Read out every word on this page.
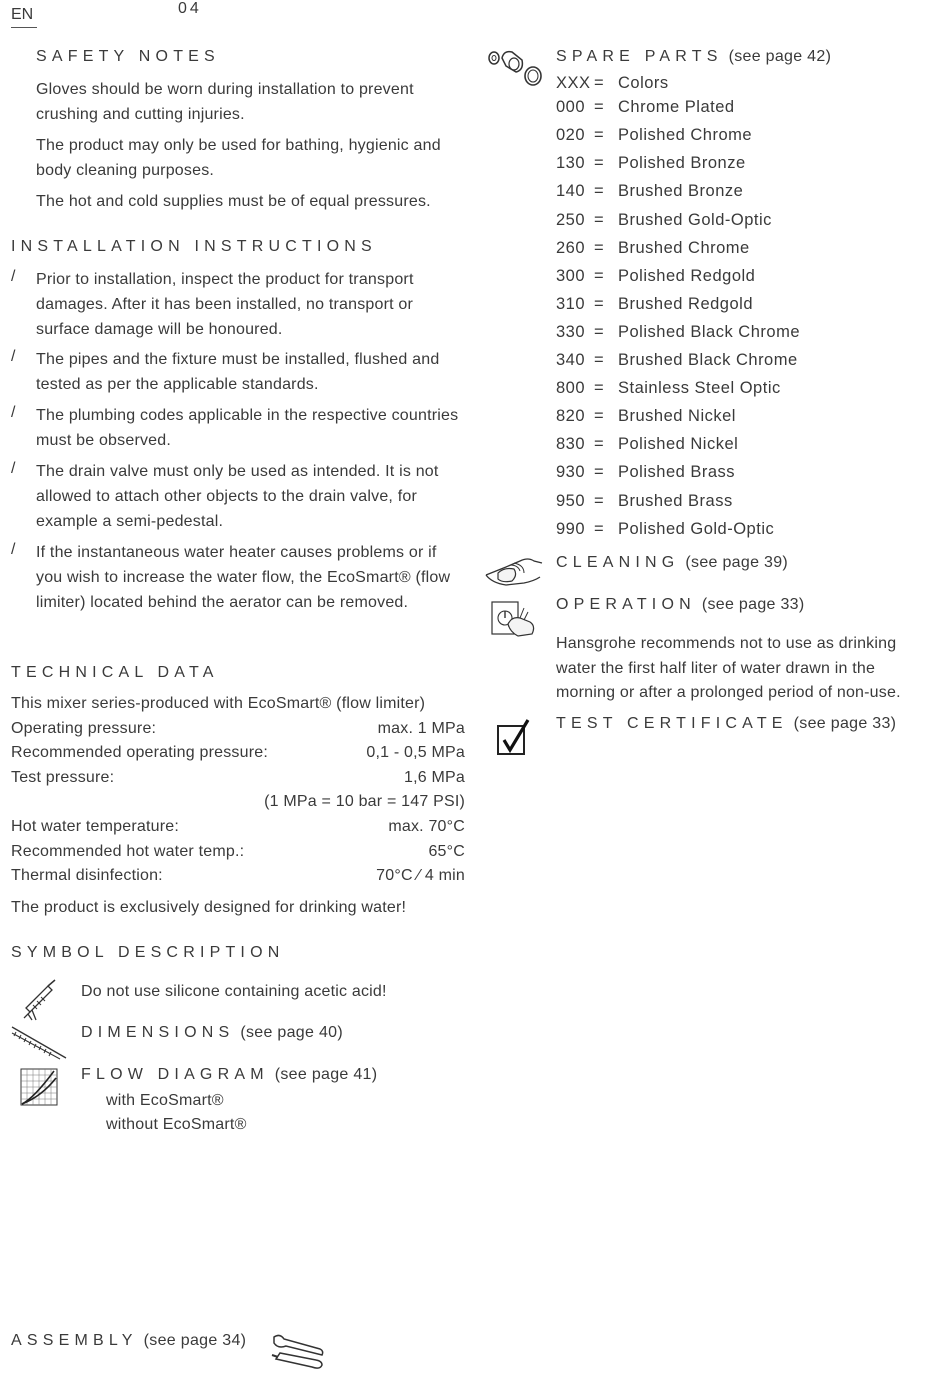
EN	04
SAFETY NOTES
Gloves should be worn during installation to prevent crushing and cutting injuries.
The product may only be used for bathing, hygienic and body cleaning purposes.
The hot and cold supplies must be of equal pressures.
INSTALLATION INSTRUCTIONS
/ Prior to installation, inspect the product for transport damages. After it has been installed, no transport or surface damage will be honoured.
/ The pipes and the fixture must be installed, flushed and tested as per the applicable standards.
/ The plumbing codes applicable in the respective countries must be observed.
/ The drain valve must only be used as intended. It is not allowed to attach other objects to the drain valve, for example a semi-pedestal.
/ If the instantaneous water heater causes problems or if you wish to increase the water flow, the EcoSmart® (flow limiter) located behind the aerator can be removed.
TECHNICAL DATA
This mixer series-produced with EcoSmart® (flow limiter)
Operating pressure:	max. 1 MPa
Recommended operating pressure:	0,1 - 0,5 MPa
Test pressure:	1,6 MPa
(1 MPa = 10 bar = 147 PSI)
Hot water temperature:	max. 70°C
Recommended hot water temp.:	65°C
Thermal disinfection:	70°C ⁄ 4 min
The product is exclusively designed for drinking water!
SYMBOL DESCRIPTION
Do not use silicone containing acetic acid!
DIMENSIONS (see page 40)
FLOW DIAGRAM (see page 41)
with EcoSmart®
without EcoSmart®
ASSEMBLY (see page 34)
SPARE PARTS (see page 42)
XXX = Colors
000 = Chrome Plated
020 = Polished Chrome
130 = Polished Bronze
140 = Brushed Bronze
250 = Brushed Gold-Optic
260 = Brushed Chrome
300 = Polished Redgold
310 = Brushed Redgold
330 = Polished Black Chrome
340 = Brushed Black Chrome
800 = Stainless Steel Optic
820 = Brushed Nickel
830 = Polished Nickel
930 = Polished Brass
950 = Brushed Brass
990 = Polished Gold-Optic
CLEANING (see page 39)
OPERATION (see page 33)
Hansgrohe recommends not to use as drinking water the first half liter of water drawn in the morning or after a prolonged period of non-use.
TEST CERTIFICATE (see page 33)
